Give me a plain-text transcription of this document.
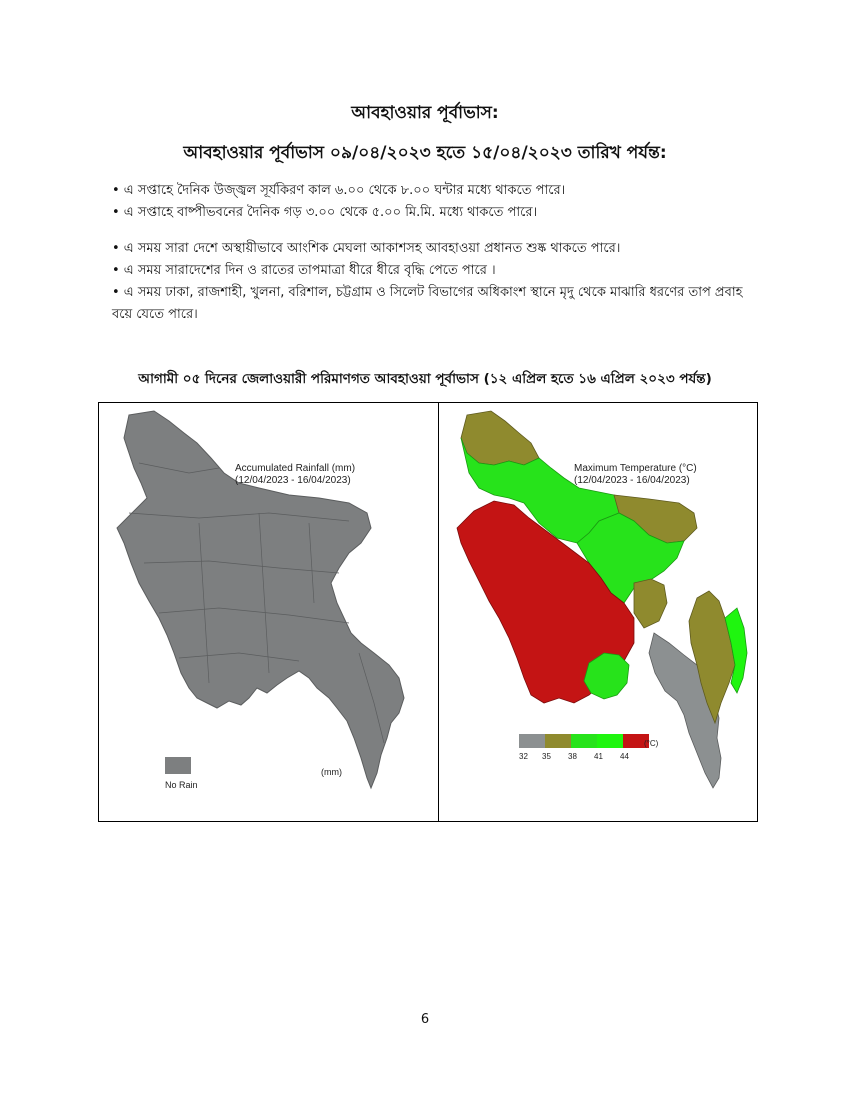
আবহাওয়ার পূর্বাভাস:
আবহাওয়ার পূর্বাভাস ০৯/০৪/২০২৩ হতে ১৫/০৪/২০২৩ তারিখ পর্যন্ত:
• এ সপ্তাহে দৈনিক উজ্জ্বল সূর্যকিরণ কাল ৬.০০ থেকে ৮.০০ ঘন্টার মধ্যে থাকতে পারে।
• এ সপ্তাহে বাষ্পীভবনের দৈনিক গড় ৩.০০ থেকে ৫.০০ মি.মি. মধ্যে থাকতে পারে।
• এ সময় সারা দেশে অস্থায়ীভাবে আংশিক মেঘলা আকাশসহ আবহাওয়া প্রধানত শুষ্ক থাকতে পারে।
• এ সময় সারাদেশের দিন ও রাতের তাপমাত্রা ধীরে ধীরে বৃদ্ধি পেতে পারে ।
• এ সময় ঢাকা, রাজশাহী, খুলনা, বরিশাল, চট্টগ্রাম ও সিলেট বিভাগের অধিকাংশ স্থানে মৃদু থেকে মাঝারি ধরণের তাপ প্রবাহ বয়ে যেতে পারে।
আগামী ০৫ দিনের জেলাওয়ারী পরিমাণগত আবহাওয়া পূর্বাভাস (১২ এপ্রিল হতে ১৬ এপ্রিল ২০২৩ পর্যন্ত)
Accumulated Rainfall (mm)
(12/04/2023 - 16/04/2023)
No Rain
(mm)
Maximum Temperature (°C)
(12/04/2023 - 16/04/2023)
32 35 38 41 44
(°C)
6
